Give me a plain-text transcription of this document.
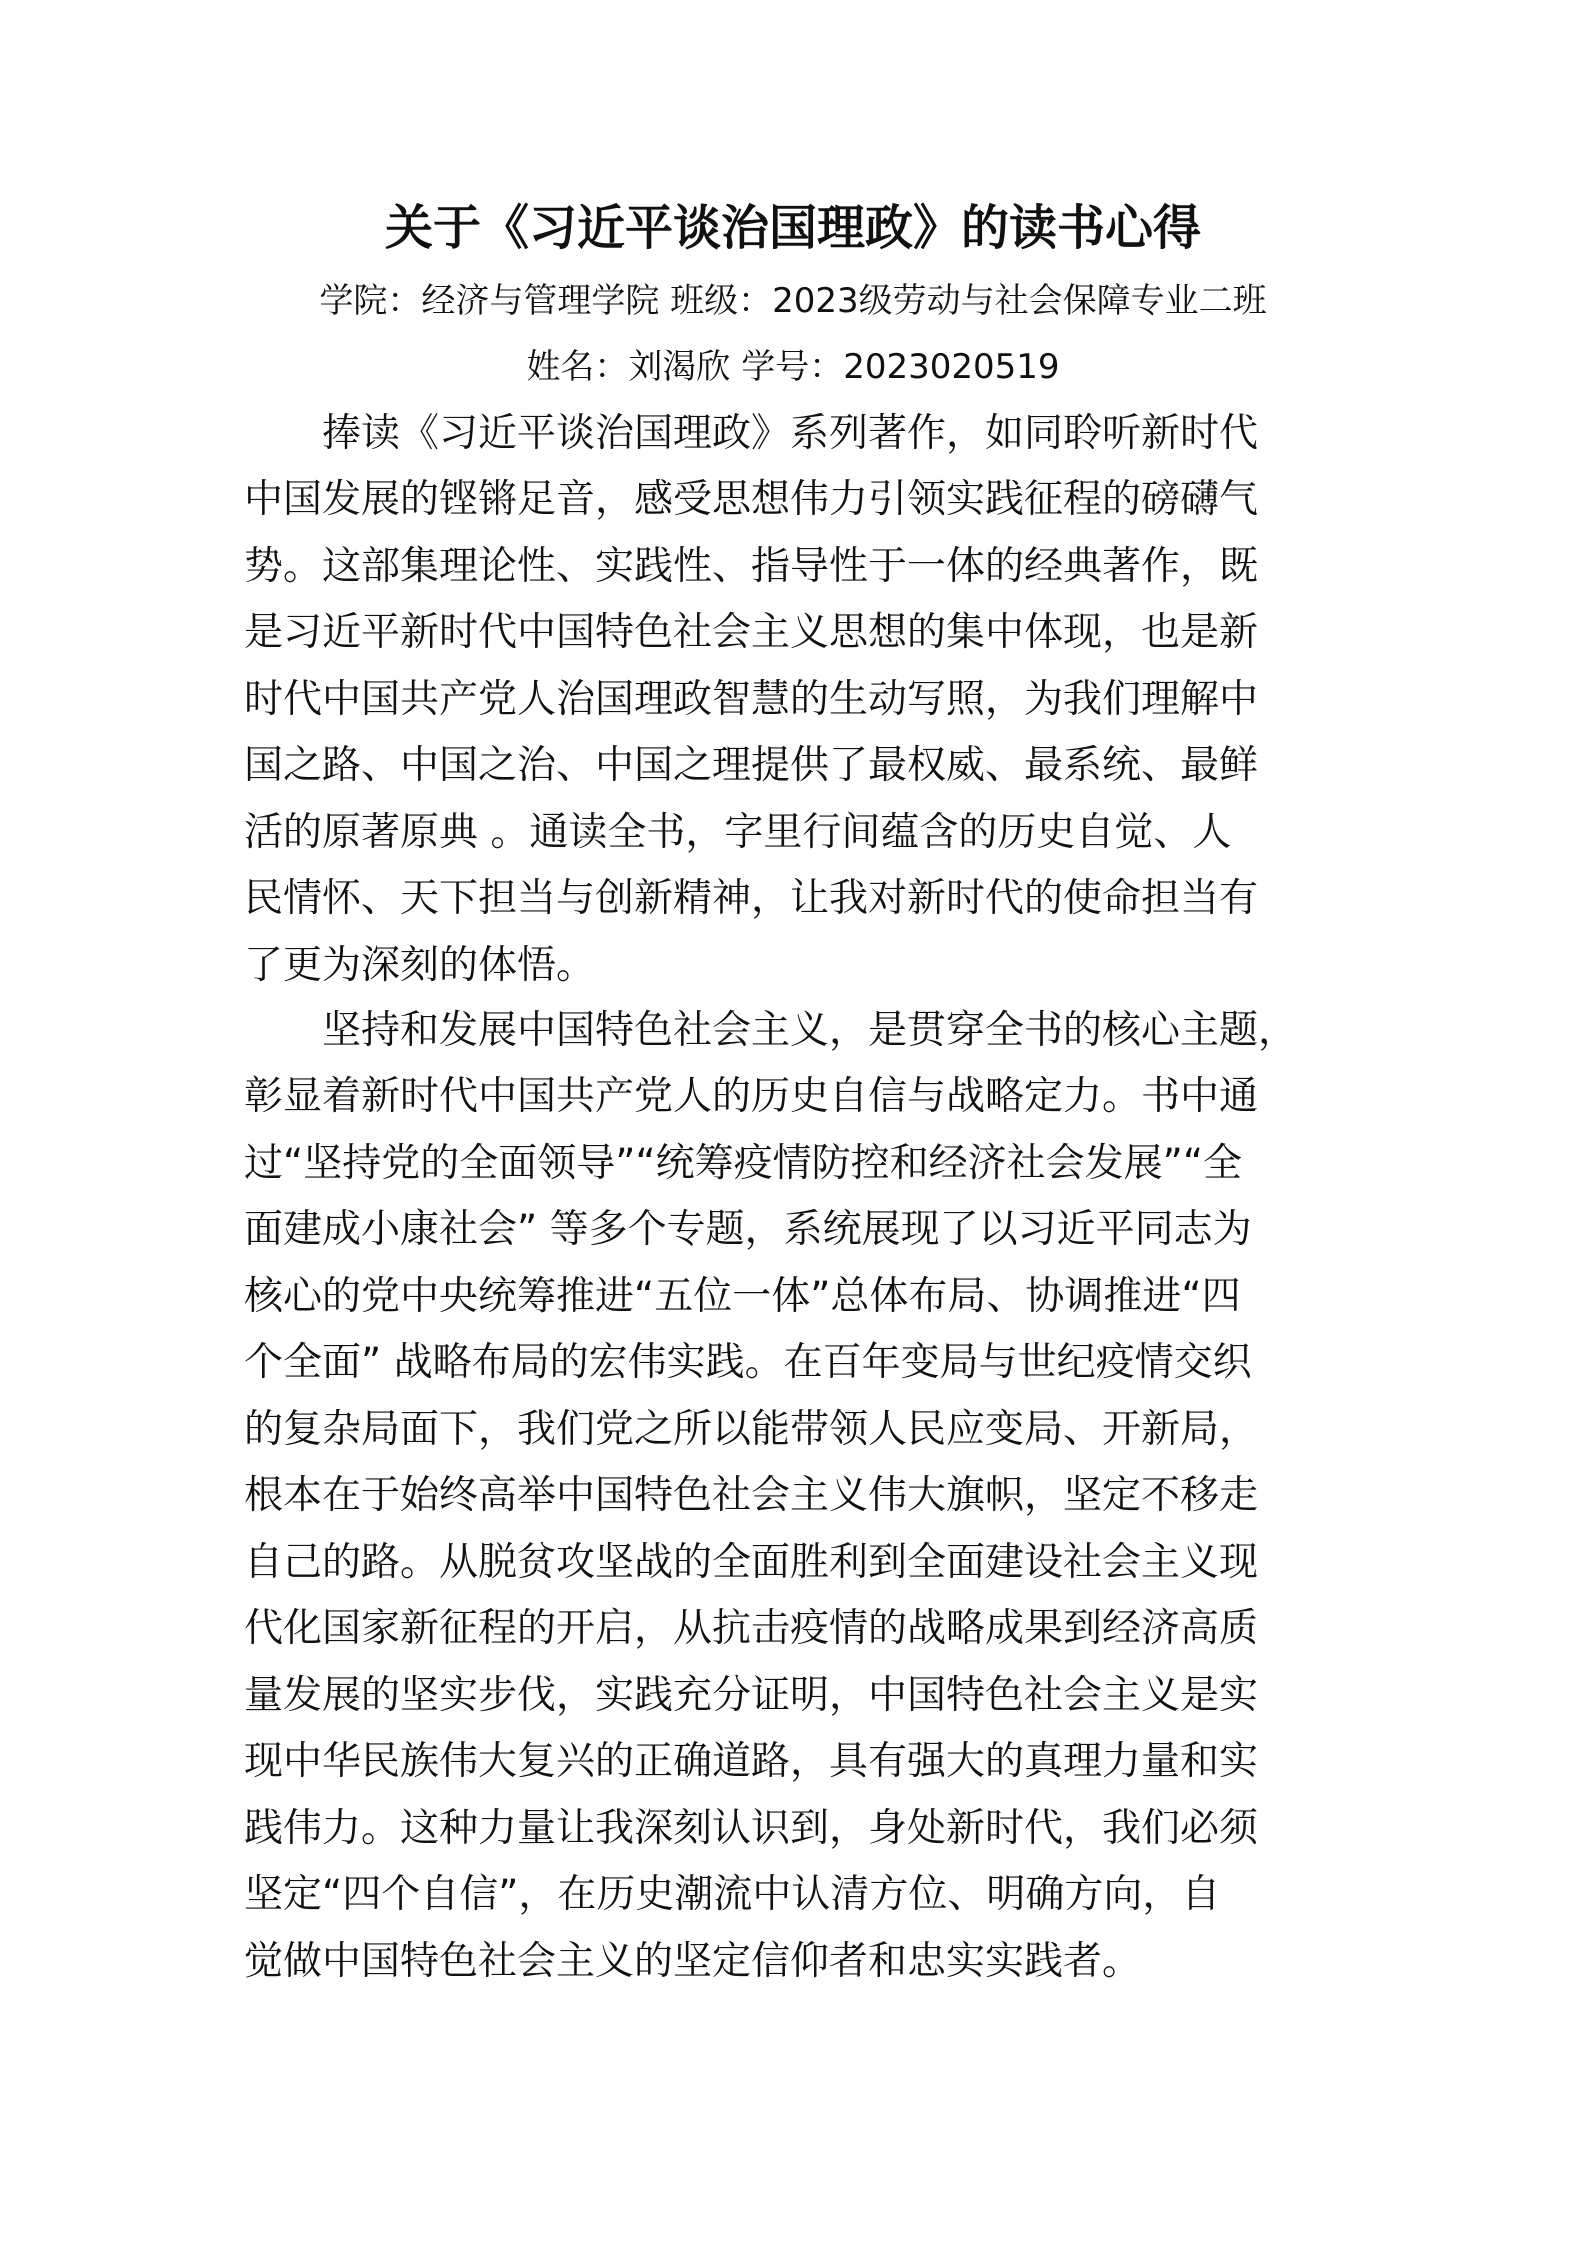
关于《习近平谈治国理政》的读书心得
学院：经济与管理学院 班级：2023级劳动与社会保障专业二班
姓名：刘渴欣 学号：2023020519
　　捧读《习近平谈治国理政》系列著作，如同聆听新时代
中国发展的铿锵足音，感受思想伟力引领实践征程的磅礴气
势。这部集理论性、实践性、指导性于一体的经典著作，既
是习近平新时代中国特色社会主义思想的集中体现，也是新
时代中国共产党人治国理政智慧的生动写照，为我们理解中
国之路、中国之治、中国之理提供了最权威、最系统、最鲜
活的原著原典 。通读全书，字里行间蕴含的历史自觉、人
民情怀、天下担当与创新精神，让我对新时代的使命担当有
了更为深刻的体悟。
　　坚持和发展中国特色社会主义，是贯穿全书的核心主题，
彰显着新时代中国共产党人的历史自信与战略定力。书中通
过“坚持党的全面领导”“统筹疫情防控和经济社会发展”“全
面建成小康社会” 等多个专题，系统展现了以习近平同志为
核心的党中央统筹推进“五位一体”总体布局、协调推进“四
个全面” 战略布局的宏伟实践。在百年变局与世纪疫情交织
的复杂局面下，我们党之所以能带领人民应变局、开新局，
根本在于始终高举中国特色社会主义伟大旗帜，坚定不移走
自己的路。从脱贫攻坚战的全面胜利到全面建设社会主义现
代化国家新征程的开启，从抗击疫情的战略成果到经济高质
量发展的坚实步伐，实践充分证明，中国特色社会主义是实
现中华民族伟大复兴的正确道路，具有强大的真理力量和实
践伟力。这种力量让我深刻认识到，身处新时代，我们必须
坚定“四个自信”，在历史潮流中认清方位、明确方向，自
觉做中国特色社会主义的坚定信仰者和忠实实践者。
